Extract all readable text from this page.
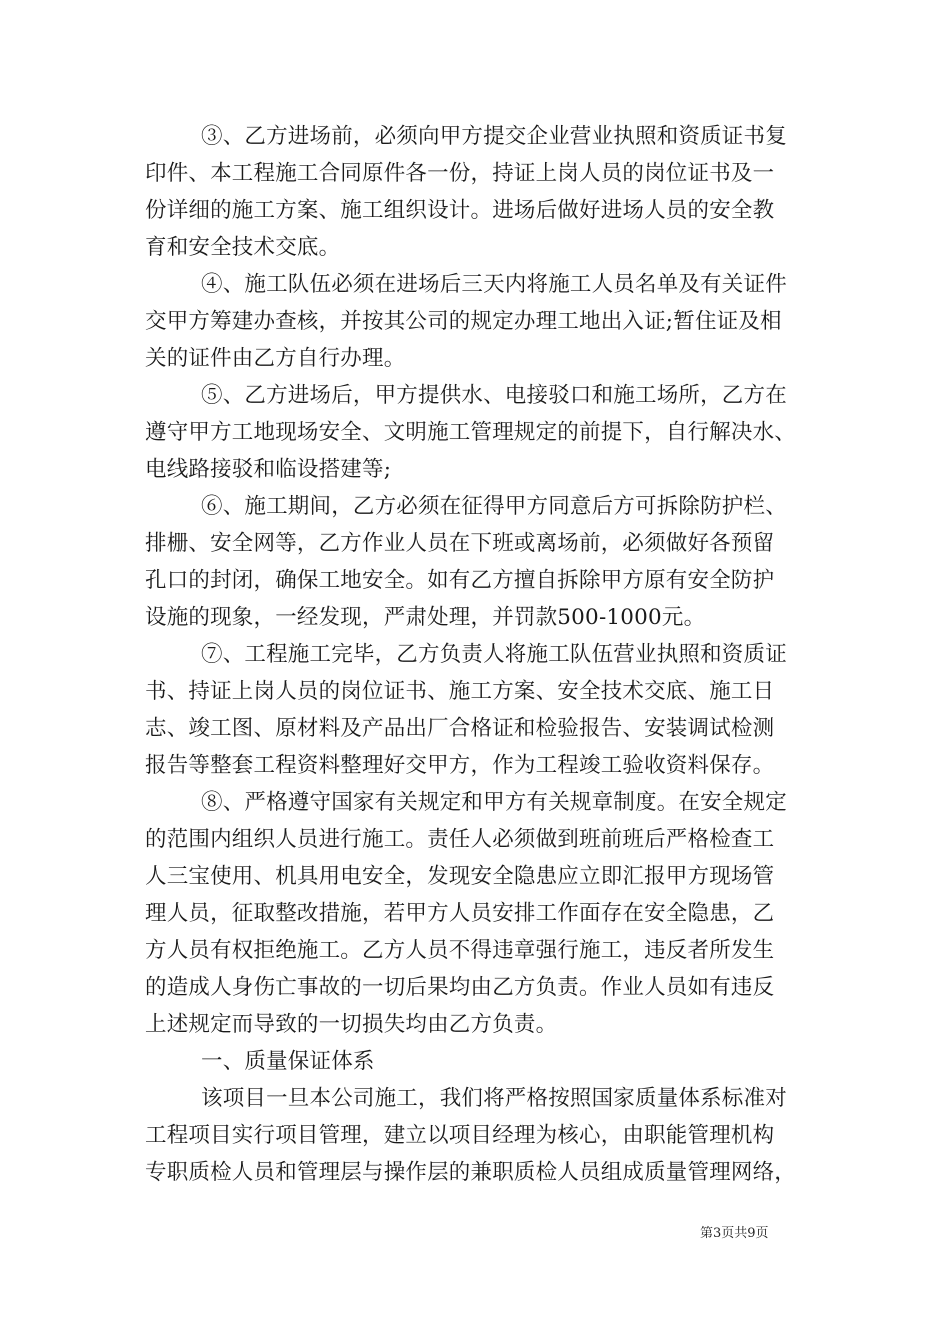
③、乙方进场前，必须向甲方提交企业营业执照和资质证书复
印件、本工程施工合同原件各一份，持证上岗人员的岗位证书及一
份详细的施工方案、施工组织设计。进场后做好进场人员的安全教
育和安全技术交底。
④、施工队伍必须在进场后三天内将施工人员名单及有关证件
交甲方筹建办查核，并按其公司的规定办理工地出入证;暂住证及相
关的证件由乙方自行办理。
⑤、乙方进场后，甲方提供水、电接驳口和施工场所，乙方在
遵守甲方工地现场安全、文明施工管理规定的前提下，自行解决水、
电线路接驳和临设搭建等;
⑥、施工期间，乙方必须在征得甲方同意后方可拆除防护栏、
排栅、安全网等，乙方作业人员在下班或离场前，必须做好各预留
孔口的封闭，确保工地安全。如有乙方擅自拆除甲方原有安全防护
设施的现象，一经发现，严肃处理，并罚款500-1000元。
⑦、工程施工完毕，乙方负责人将施工队伍营业执照和资质证
书、持证上岗人员的岗位证书、施工方案、安全技术交底、施工日
志、竣工图、原材料及产品出厂合格证和检验报告、安装调试检测
报告等整套工程资料整理好交甲方，作为工程竣工验收资料保存。
⑧、严格遵守国家有关规定和甲方有关规章制度。在安全规定
的范围内组织人员进行施工。责任人必须做到班前班后严格检查工
人三宝使用、机具用电安全，发现安全隐患应立即汇报甲方现场管
理人员，征取整改措施，若甲方人员安排工作面存在安全隐患，乙
方人员有权拒绝施工。乙方人员不得违章强行施工，违反者所发生
的造成人身伤亡事故的一切后果均由乙方负责。作业人员如有违反
上述规定而导致的一切损失均由乙方负责。
一、质量保证体系
该项目一旦本公司施工，我们将严格按照国家质量体系标准对
工程项目实行项目管理，建立以项目经理为核心，由职能管理机构
专职质检人员和管理层与操作层的兼职质检人员组成质量管理网络，
第3页共9页
